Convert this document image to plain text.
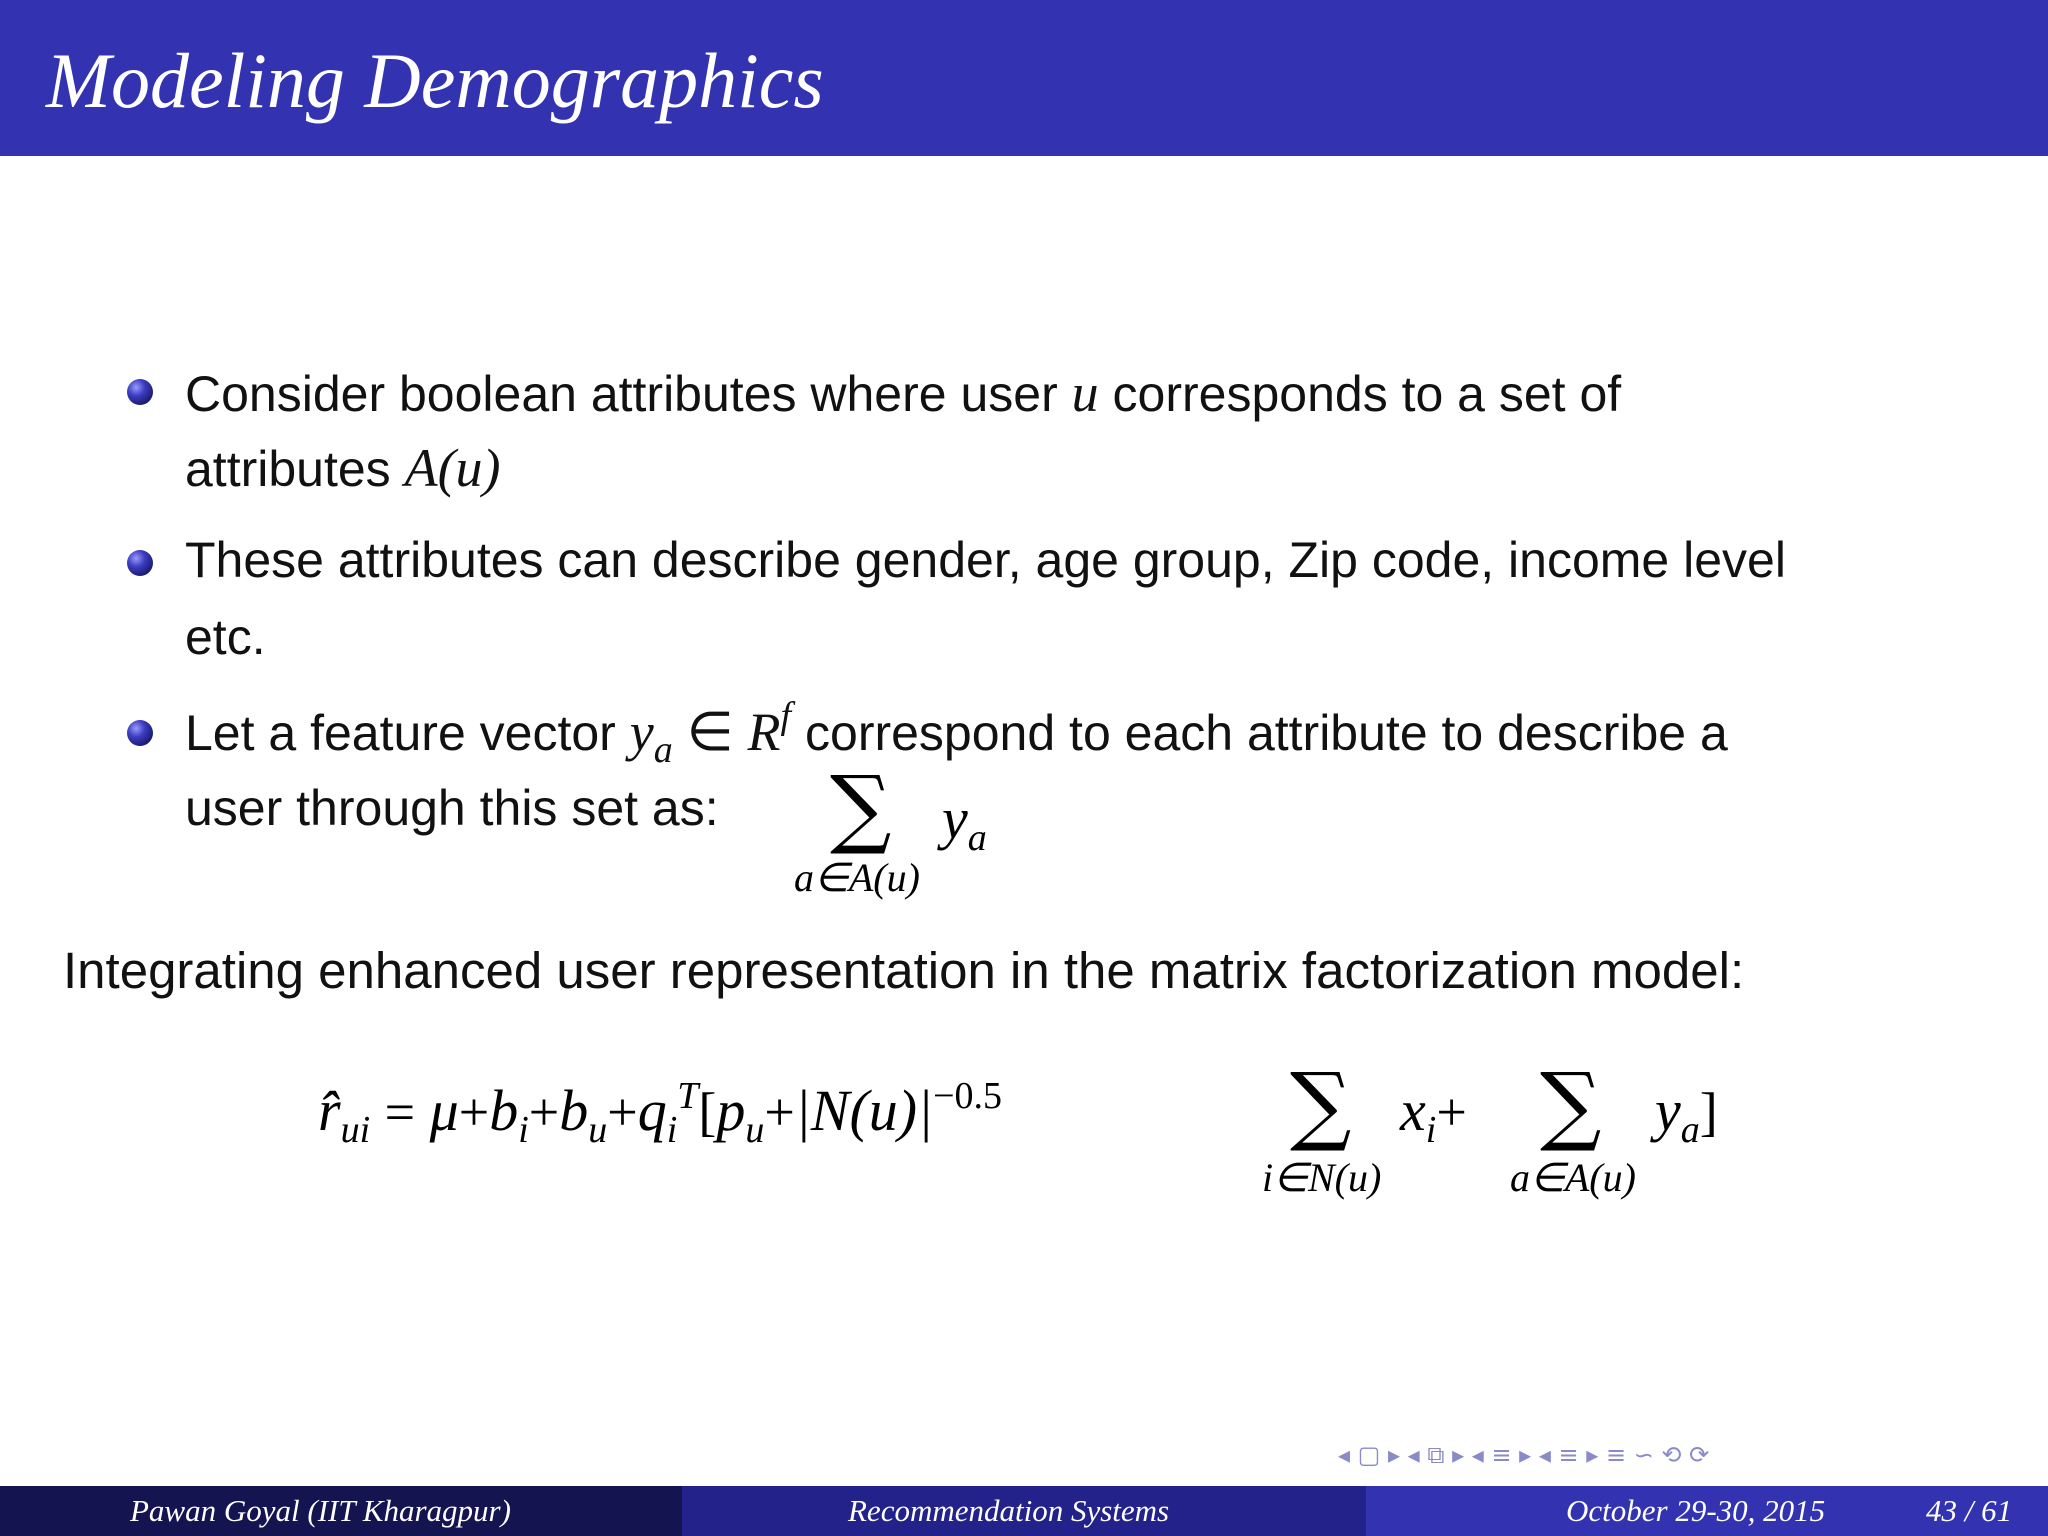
Modeling Demographics
Consider boolean attributes where user u corresponds to a set of
attributes A(u)
These attributes can describe gender, age group, Zip code, income level
etc.
Let a feature vector $y_a$ ∈ $R^f$ correspond to each attribute to describe a
user through this set as: ∑ $y_a$
a∈A(u)
Integrating enhanced user representation in the matrix factorization model:
$r̂_{ui} = \mu+b_i+b_u+q_i^T[p_u+|N(u)|^{-0.5}$	∑ $x_i+$ ∑ $y_a$]
i∈N(u)	a∈A(u)
◂ ▢ ▸ ◂ ⧉ ▸ ◂ ≡ ▸ ◂ ≡ ▸ ≡ ∽ ⟲ ⟳
Pawan Goyal (IIT Kharagpur)	Recommendation Systems	October 29-30, 2015	43 / 61
